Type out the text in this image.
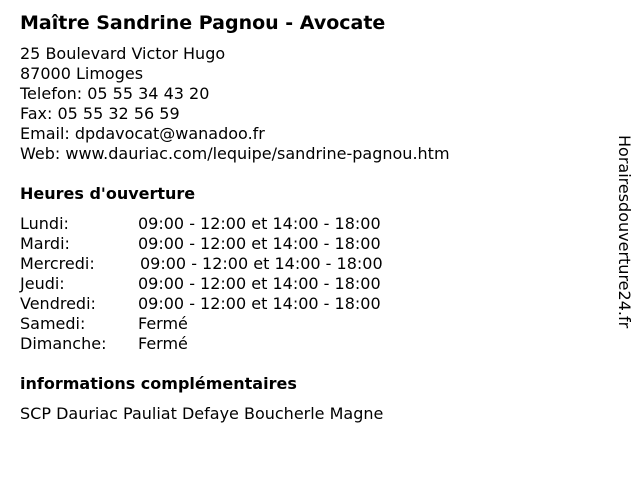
Maître Sandrine Pagnou - Avocate
25 Boulevard Victor Hugo
87000 Limoges
Telefon: 05 55 34 43 20
Fax: 05 55 32 56 59
Email: dpdavocat@wanadoo.fr
Web: www.dauriac.com/lequipe/sandrine-pagnou.htm
Heures d'ouverture
Lundi:	09:00 - 12:00 et 14:00 - 18:00
Mardi:	09:00 - 12:00 et 14:00 - 18:00
Mercredi:	09:00 - 12:00 et 14:00 - 18:00
Jeudi:	09:00 - 12:00 et 14:00 - 18:00
Vendredi:	09:00 - 12:00 et 14:00 - 18:00
Samedi:	Fermé
Dimanche: Fermé
informations complémentaires
SCP Dauriac Pauliat Defaye Boucherle Magne
Horairesdouverture24.fr
